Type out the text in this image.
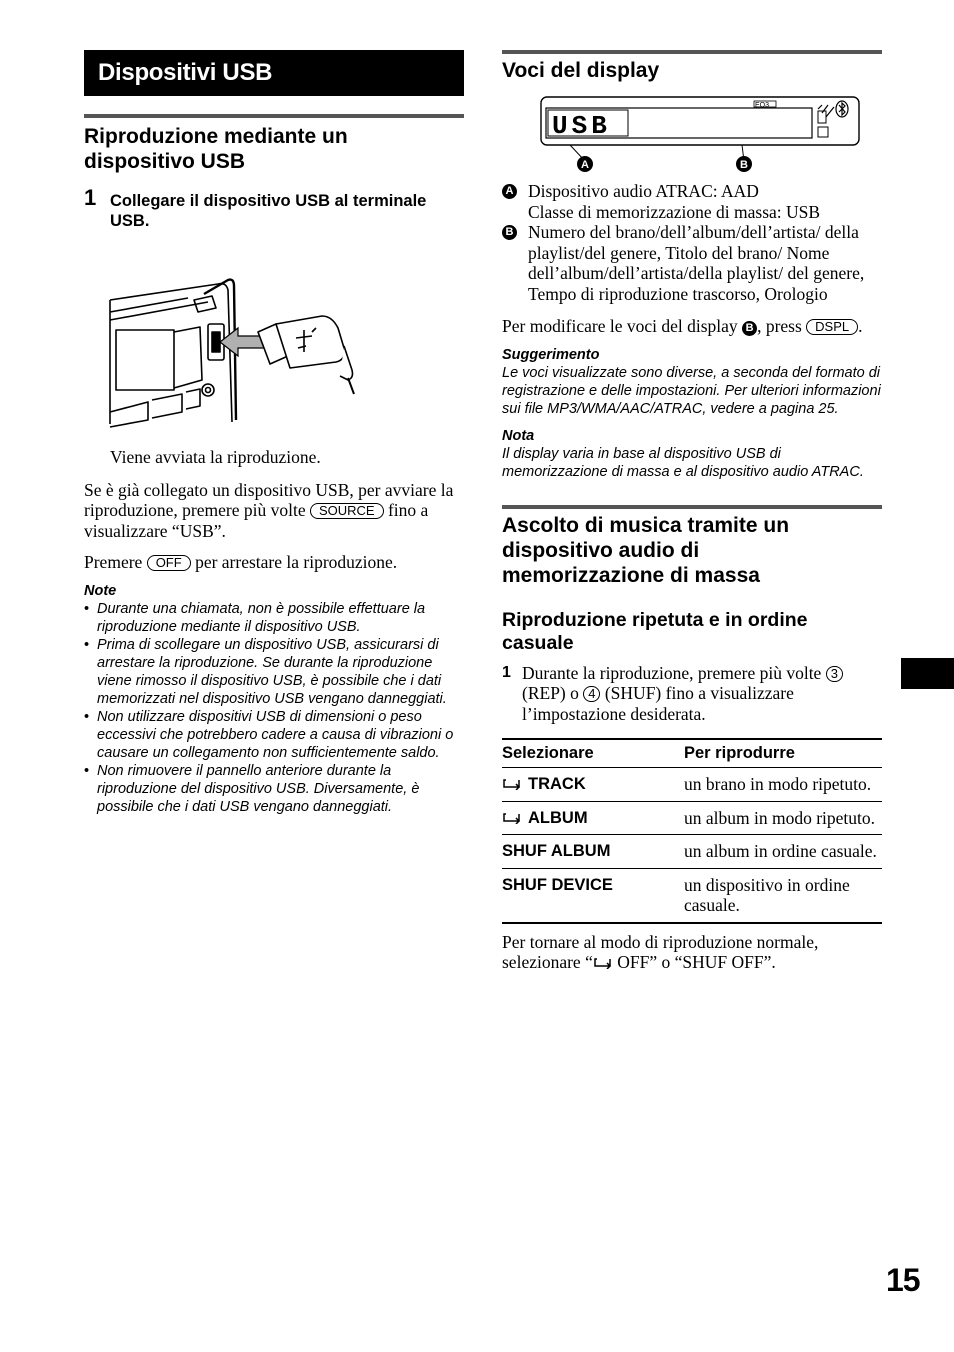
Dispositivi USB
Riproduzione mediante un dispositivo USB
1 Collegare il dispositivo USB al terminale USB.

Viene avviata la riproduzione.

Se è già collegato un dispositivo USB, per avviare la riproduzione, premere più volte SOURCE fino a visualizzare “USB”.

Premere OFF per arrestare la riproduzione.

Note
• Durante una chiamata, non è possibile effettuare la riproduzione mediante il dispositivo USB.
• Prima di scollegare un dispositivo USB, assicurarsi di arrestare la riproduzione. Se durante la riproduzione viene rimosso il dispositivo USB, è possibile che i dati memorizzati nel dispositivo USB vengano danneggiati.
• Non utilizzare dispositivi USB di dimensioni o peso eccessivi che potrebbero cadere a causa di vibrazioni o causare un collegamento non sufficientemente saldo.
• Non rimuovere il pannello anteriore durante la riproduzione del dispositivo USB. Diversamente, è possibile che i dati USB vengano danneggiati.
Voci del display
USB
EQ3
A	B
A Dispositivo audio ATRAC: AAD

Classe di memorizzazione di massa: USB

B Numero del brano/dell’album/dell’artista/ della playlist/del genere, Titolo del brano/ Nome dell’album/dell’artista/della playlist/ del genere, Tempo di riproduzione trascorso, Orologio

Per modificare le voci del display B , press DSPL .

Suggerimento

Le voci visualizzate sono diverse, a seconda del formato di registrazione e delle impostazioni. Per ulteriori informazioni sui file MP3/WMA/AAC/ATRAC, vedere a pagina 25.

Nota

Il display varia in base al dispositivo USB di memorizzazione di massa e al dispositivo audio ATRAC.

Ascolto di musica tramite un dispositivo audio di memorizzazione di massa
Riproduzione ripetuta e in ordine casuale
1 Durante la riproduzione, premere più volte 3 (REP) o 4 (SHUF) fino a visualizzare l’impostazione desiderata.
Selezionare	Per riprodurre
TRACK	un brano in modo ripetuto.
ALBUM	un album in modo ripetuto.
SHUF ALBUM	un album in ordine casuale.
SHUF DEVICE	un dispositivo in ordine casuale.

Per tornare al modo di riproduzione normale, selezionare “ OFF” o “SHUF OFF”.

15
